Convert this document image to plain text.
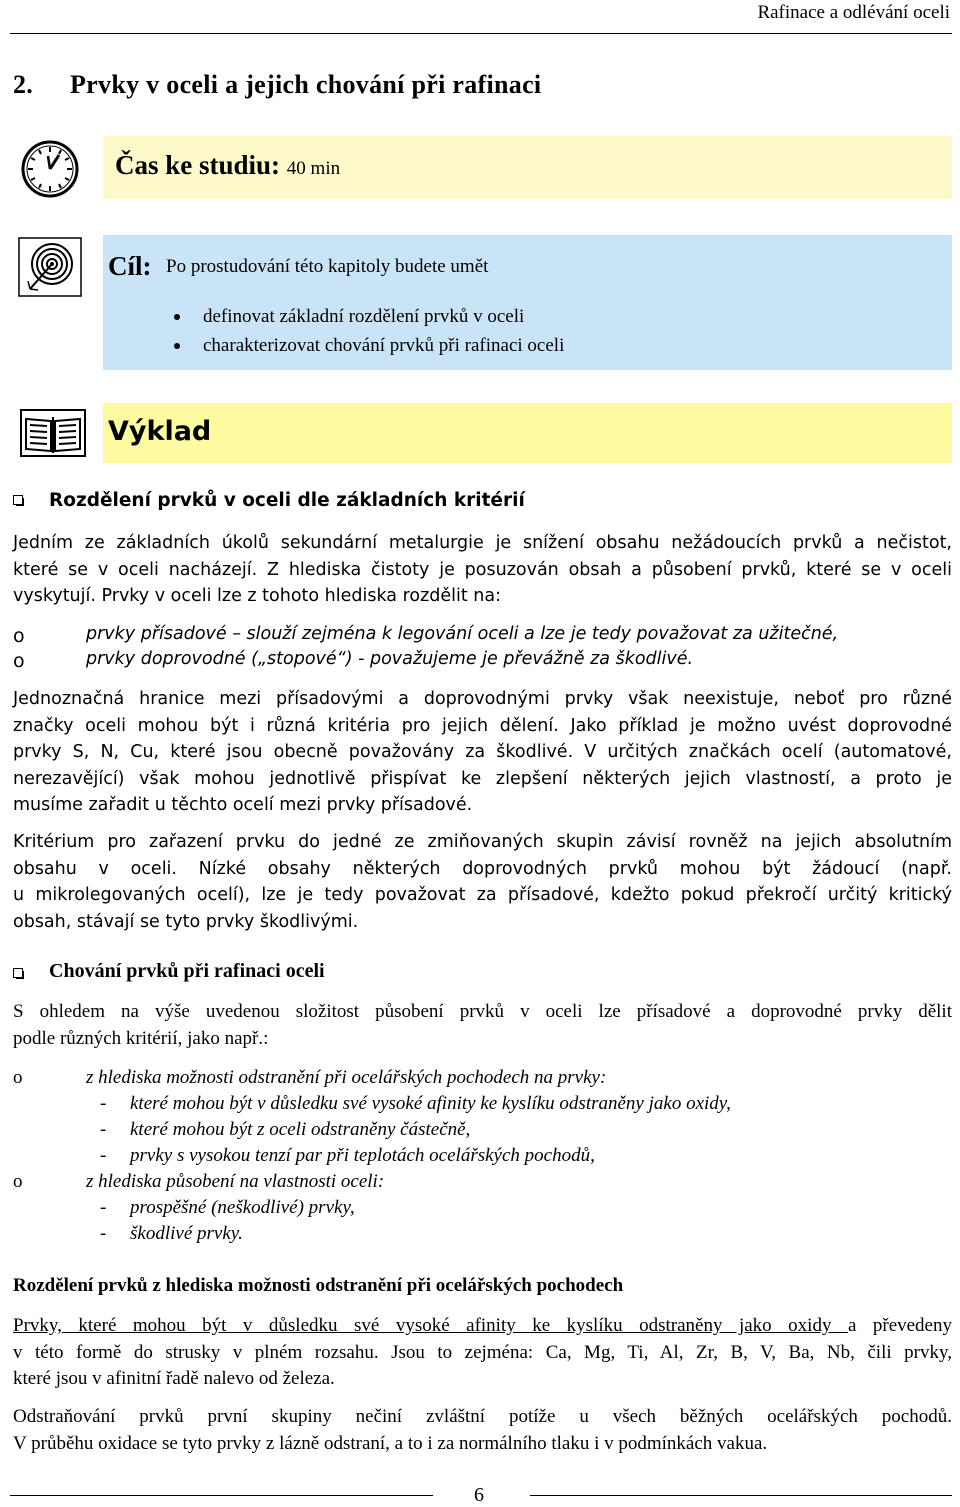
Rafinace a odlévání oceli
2. Prvky v oceli a jejich chování při rafinaci
Čas ke studiu: 40 min
Cíl: Po prostudování této kapitoly budete umět
definovat základní rozdělení prvků v oceli
charakterizovat chování prvků při rafinaci oceli
Výklad
Rozdělení prvků v oceli dle základních kritérií
Jedním ze základních úkolů sekundární metalurgie je snížení obsahu nežádoucích prvků a nečistot,
které se v oceli nacházejí. Z hlediska čistoty je posuzován obsah a působení prvků, které se v oceli
vyskytují. Prvky v oceli lze z tohoto hlediska rozdělit na:
o	prvky přísadové – slouží zejména k legování oceli a lze je tedy považovat za užitečné,
o	prvky doprovodné („stopové“) - považujeme je převážně za škodlivé.
Jednoznačná hranice mezi přísadovými a doprovodnými prvky však neexistuje, neboť pro různé
značky oceli mohou být i různá kritéria pro jejich dělení. Jako příklad je možno uvést doprovodné
prvky S, N, Cu, které jsou obecně považovány za škodlivé. V určitých značkách ocelí (automatové,
nerezavějící) však mohou jednotlivě přispívat ke zlepšení některých jejich vlastností, a proto je
musíme zařadit u těchto ocelí mezi prvky přísadové.
Kritérium pro zařazení prvku do jedné ze zmiňovaných skupin závisí rovněž na jejich absolutním
obsahu v oceli. Nízké obsahy některých doprovodných prvků mohou být žádoucí (např.
u mikrolegovaných ocelí), lze je tedy považovat za přísadové, kdežto pokud překročí určitý kritický
obsah, stávají se tyto prvky škodlivými.
Chování prvků při rafinaci oceli
S ohledem na výše uvedenou složitost působení prvků v oceli lze přísadové a doprovodné prvky dělit
podle různých kritérií, jako např.:
o	z hlediska možnosti odstranění při ocelářských pochodech na prvky:
- které mohou být v důsledku své vysoké afinity ke kyslíku odstraněny jako oxidy,
- které mohou být z oceli odstraněny částečně,
- prvky s vysokou tenzí par při teplotách ocelářských pochodů,
o	z hlediska působení na vlastnosti oceli:
- prospěšné (neškodlivé) prvky,
- škodlivé prvky.
Rozdělení prvků z hlediska možnosti odstranění při ocelářských pochodech
Prvky, které mohou být v důsledku své vysoké afinity ke kyslíku odstraněny jako oxidy a převedeny
v této formě do strusky v plném rozsahu. Jsou to zejména: Ca, Mg, Ti, Al, Zr, B, V, Ba, Nb, čili prvky,
které jsou v afinitní řadě nalevo od železa.
Odstraňování prvků první skupiny nečiní zvláštní potíže u všech běžných ocelářských pochodů.
V průběhu oxidace se tyto prvky z lázně odstraní, a to i za normálního tlaku i v podmínkách vakua.
6
